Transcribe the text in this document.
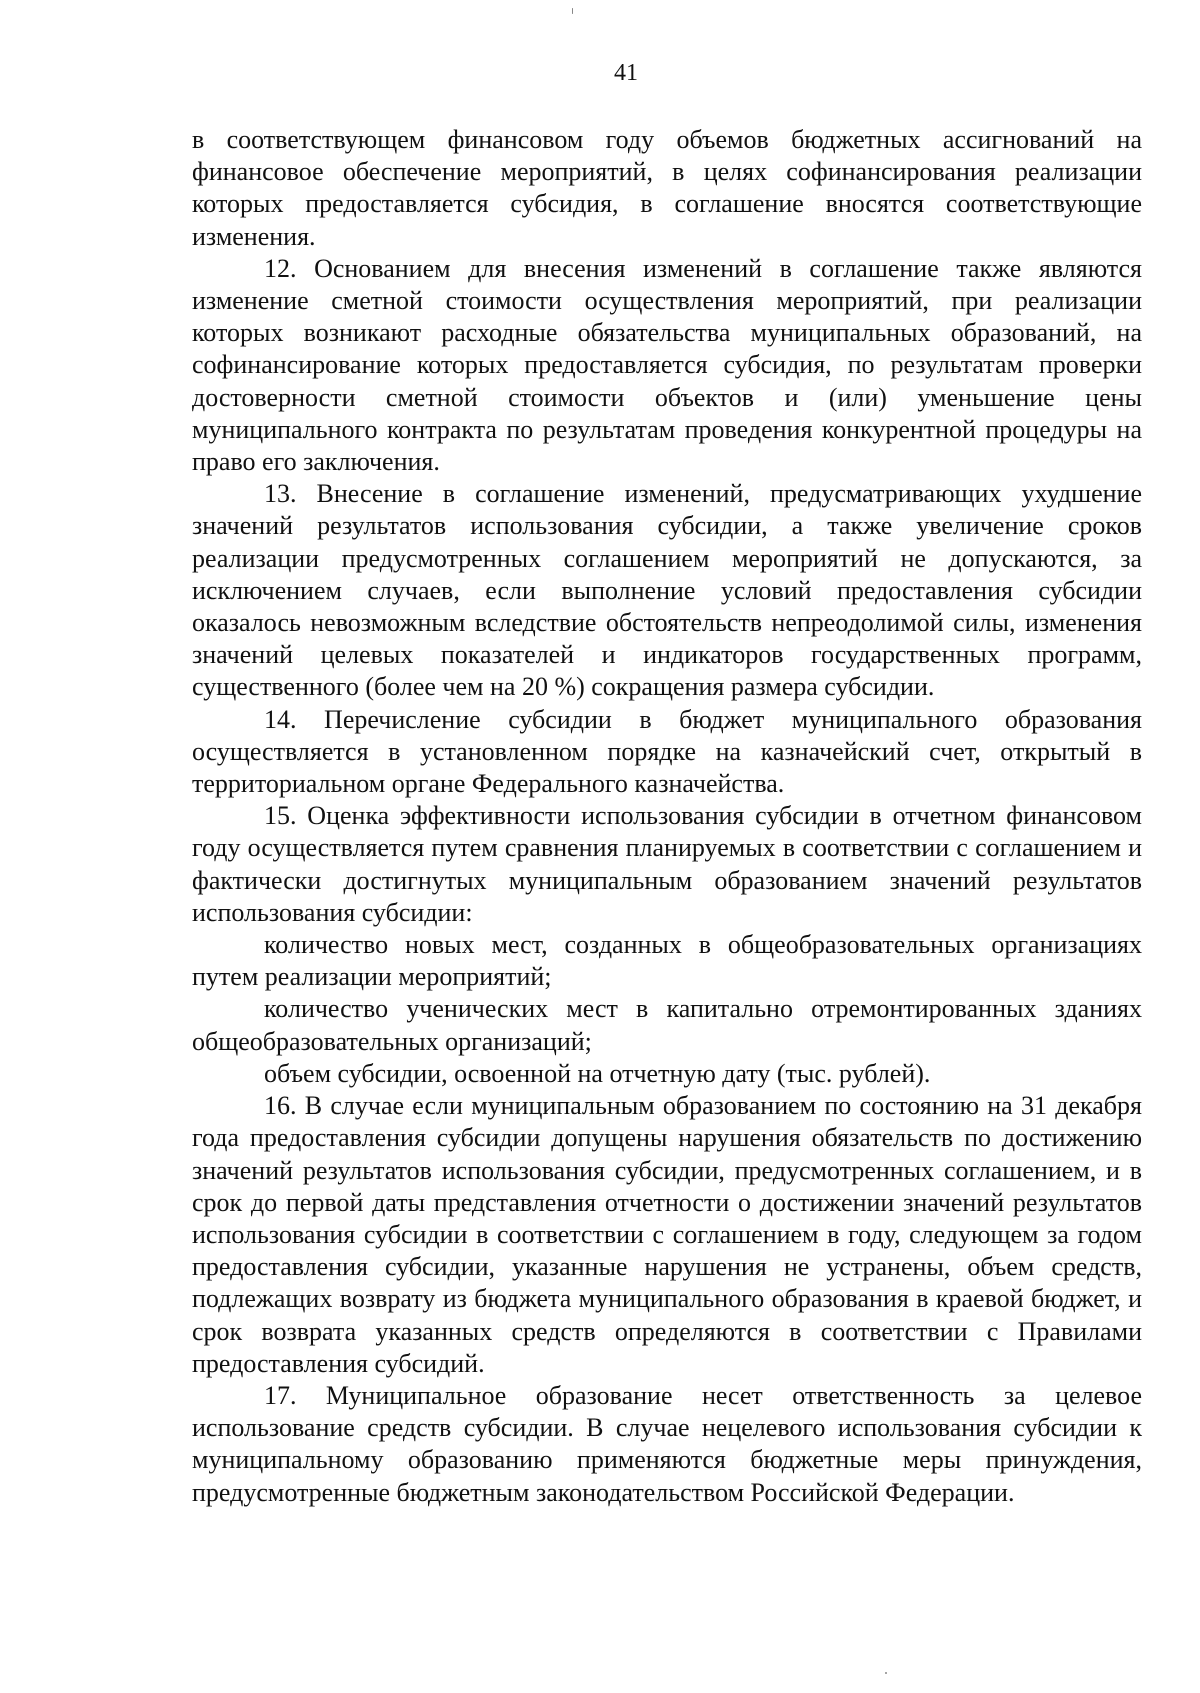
41

в соответствующем финансовом году объемов бюджетных ассигнований на финансовое обеспечение мероприятий, в целях софинансирования реализации которых предоставляется субсидия, в соглашение вносятся соответствующие изменения.

12. Основанием для внесения изменений в соглашение также являются изменение сметной стоимости осуществления мероприятий, при реализации которых возникают расходные обязательства муниципальных образований, на софинансирование которых предоставляется субсидия, по результатам проверки достоверности сметной стоимости объектов и (или) уменьшение цены муниципального контракта по результатам проведения конкурентной процедуры на право его заключения.

13. Внесение в соглашение изменений, предусматривающих ухудшение значений результатов использования субсидии, а также увеличение сроков реализации предусмотренных соглашением мероприятий не допускаются, за исключением случаев, если выполнение условий предоставления субсидии оказалось невозможным вследствие обстоятельств непреодолимой силы, изменения значений целевых показателей и индикаторов государственных программ, существенного (более чем на 20 %) сокращения размера субсидии.

14. Перечисление субсидии в бюджет муниципального образования осуществляется в установленном порядке на казначейский счет, открытый в территориальном органе Федерального казначейства.

15. Оценка эффективности использования субсидии в отчетном финансовом году осуществляется путем сравнения планируемых в соответствии с соглашением и фактически достигнутых муниципальным образованием значений результатов использования субсидии:

количество новых мест, созданных в общеобразовательных организациях путем реализации мероприятий;

количество ученических мест в капитально отремонтированных зданиях общеобразовательных организаций;

объем субсидии, освоенной на отчетную дату (тыс. рублей).

16. В случае если муниципальным образованием по состоянию на 31 декабря года предоставления субсидии допущены нарушения обязательств по достижению значений результатов использования субсидии, предусмотренных соглашением, и в срок до первой даты представления отчетности о достижении значений результатов использования субсидии в соответствии с соглашением в году, следующем за годом предоставления субсидии, указанные нарушения не устранены, объем средств, подлежащих возврату из бюджета муниципального образования в краевой бюджет, и срок возврата указанных средств определяются в соответствии с Правилами предоставления субсидий.

17. Муниципальное образование несет ответственность за целевое использование средств субсидии. В случае нецелевого использования субсидии к муниципальному образованию применяются бюджетные меры принуждения, предусмотренные бюджетным законодательством Российской Федерации.
